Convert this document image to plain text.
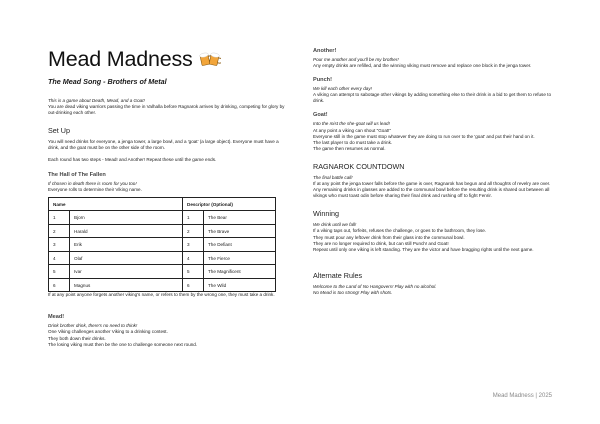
Mead Madness
The Mead Song - Brothers of Metal

This is a game about Death, Mead, and a Goat!

You are dead viking warriors passing the time in Valhalla before Ragnarok arrives by drinking, competing for glory by out-drinking each other.

Set Up

You will need drinks for everyone, a jenga tower, a large bowl, and a 'goat' (a large object). Everyone must have a drink, and the goat must be on the other side of the room.

Each round has two steps - Mead! and Another! Repeat these until the game ends.

The Hall of The Fallen

If chosen in death there is room for you too!

Everyone rolls to determine their Viking name.

Name		Descriptor (Optional)	
1	Bjorn	1	The Bear
2	Harald	2	The Brave
3	Erik	3	The Defiant
4	Olaf	4	The Fierce
5	Ivar	5	The Magnificent
6	Magnus	6	The Wild

If at any point anyone forgets another viking's name, or refers to them by the wrong one, they must take a drink.

Mead!

Drink brother drink, there's no need to think!

One Viking challenges another Viking to a drinking contest.

They both down their drinks.

The losing viking must then be the one to challenge someone next round.

Another!

Pour me another and you'll be my brother!

Any empty drinks are refilled, and the winning viking must remove and replace one block in the jenga tower.

Punch!

We kill each other every day!

A viking can attempt to sabotage other vikings by adding something else to their drink in a bid to get them to refuse to drink.

Goat!

Into the mist the she-goat will us lead!

At any point a viking can shout "Goat!"

Everyone still in the game must stop whatever they are doing to run over to the 'goat' and put their hand on it.

The last player to do must take a drink.

The game then resumes as normal.

RAGNAROK COUNTDOWN

The final battle call!

If at any point the jenga tower falls before the game is over, Ragnarok has begun and all thoughts of revelry are over.

Any remaining drinks in glasses are added to the communal bowl before the resulting drink is shared out between all vikings who must toast odin before sharing their final drink and rushing off to fight Fenrir.

Winning

We drink until we fall!

If a viking taps out, forfeits, refuses the challenge, or goes to the bathroom, they lose.

They must pour any leftover drink from their glass into the communal bowl.

They are no longer required to drink, but can still Punch! and Goat!

Repeat until only one viking is left standing. They are the victor and have bragging rights until the next game.

Alternate Rules

Welcome to the Land of No Hangovers! Play with no alcohol.

No Mead is too strong! Play with shots.

Mead Madness | 2025
